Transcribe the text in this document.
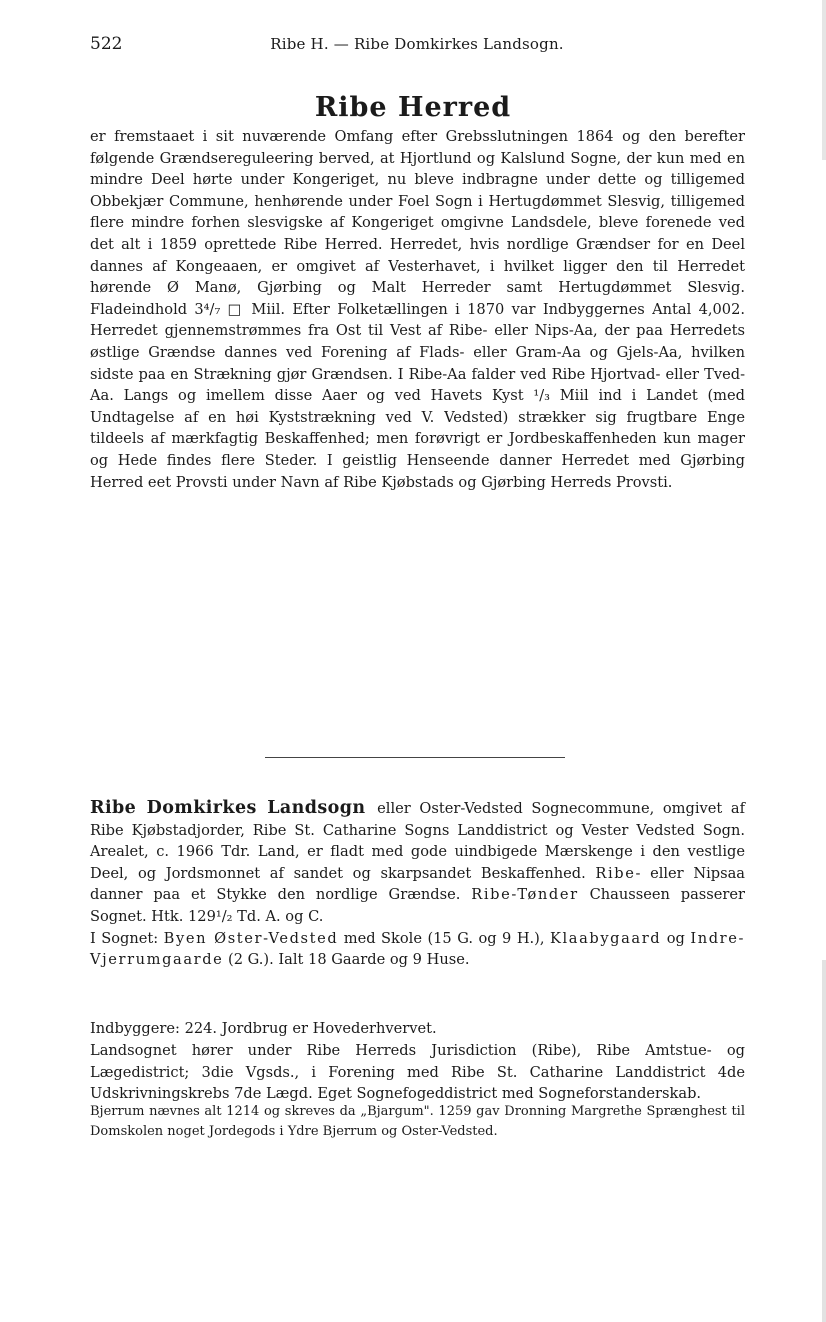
522	Ribe H. — Ribe Domkirkes Landsogn.
Ribe Herred
er fremstaaet i sit nuværende Omfang efter Grebsslutningen 1864 og den berefter følgende Grændsereguleering berved, at Hjortlund og Kalslund Sogne, der kun med en mindre Deel hørte under Kongeriget, nu bleve indbragne under dette og tilligemed Obbekjær Commune, henhørende under Foel Sogn i Hertugdømmet Slesvig, tilligemed flere mindre forhen slesvigske af Kongeriget omgivne Landsdele, bleve forenede ved det alt i 1859 oprettede Ribe Herred. Herredet, hvis nordlige Grændser for en Deel dannes af Kongeaaen, er omgivet af Vesterhavet, i hvilket ligger den til Herredet hørende Ø Manø, Gjørbing og Malt Herreder samt Hertugdømmet Slesvig. Fladeindhold 3⁴/₇ □ Miil. Efter Folketællingen i 1870 var Indbyggernes Antal 4,002. Herredet gjennemstrømmes fra Ost til Vest af Ribe- eller Nips-Aa, der paa Herredets østlige Grændse dannes ved Forening af Flads- eller Gram-Aa og Gjels-Aa, hvilken sidste paa en Strækning gjør Grændsen. I Ribe-Aa falder ved Ribe Hjortvad- eller Tved-Aa. Langs og imellem disse Aaer og ved Havets Kyst ¹/₃ Miil ind i Landet (med Undtagelse af en høi Kyststrækning ved V. Vedsted) strækker sig frugtbare Enge tildeels af mærkfagtig Beskaffenhed; men forøvrigt er Jordbeskaffenheden kun mager og Hede findes flere Steder. I geistlig Henseende danner Herredet med Gjørbing Herred eet Provsti under Navn af Ribe Kjøbstads og Gjørbing Herreds Provsti.
Ribe Domkirkes Landsogn eller Oster-Vedsted Sognecommune, omgivet af Ribe Kjøbstadjorder, Ribe St. Catharine Sogns Landdistrict og Vester Vedsted Sogn. Arealet, c. 1966 Tdr. Land, er fladt med gode uindbigede Mærskenge i den vestlige Deel, og Jordsmonnet af sandet og skarpsandet Beskaffenhed. Ribe- eller Nipsaa danner paa et Stykke den nordlige Grændse. Ribe-Tønder Chausseen passerer Sognet. Htk. 129¹/₂ Td. A. og C.
I Sognet: Byen Øster-Vedsted med Skole (15 G. og 9 H.), Klaabygaard og Indre-Vjerrumgaarde (2 G.). Ialt 18 Gaarde og 9 Huse.
Indbyggere: 224. Jordbrug er Hovederhvervet.
Landsognet hører under Ribe Herreds Jurisdiction (Ribe), Ribe Amtstue- og Lægedistrict; 3die Vgsds., i Forening med Ribe St. Catharine Landdistrict 4de Udskrivningskrebs 7de Lægd. Eget Sognefogeddistrict med Sogneforstanderskab.
Bjerrum nævnes alt 1214 og skreves da „Bjargum". 1259 gav Dronning Margrethe Sprænghest til Domskolen noget Jordegods i Ydre Bjerrum og Oster-Vedsted.
